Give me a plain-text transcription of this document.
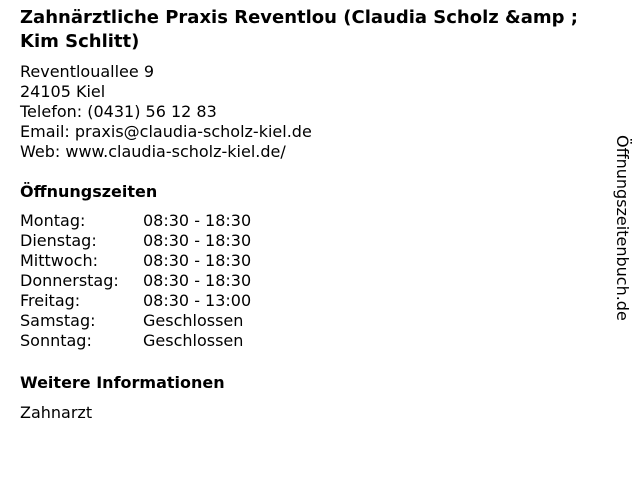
Zahnärztliche Praxis Reventlou (Claudia Scholz &amp ; Kim Schlitt)
Reventlouallee 9
24105 Kiel
Telefon: (0431) 56 12 83
Email: praxis@claudia-scholz-kiel.de
Web: www.claudia-scholz-kiel.de/
Öffnungszeiten
Montag:	08:30 - 18:30
Dienstag:	08:30 - 18:30
Mittwoch:	08:30 - 18:30
Donnerstag:	08:30 - 18:30
Freitag:	08:30 - 13:00
Samstag:	Geschlossen
Sonntag:	Geschlossen
Weitere Informationen
Zahnarzt
Öffnungszeitenbuch.de
